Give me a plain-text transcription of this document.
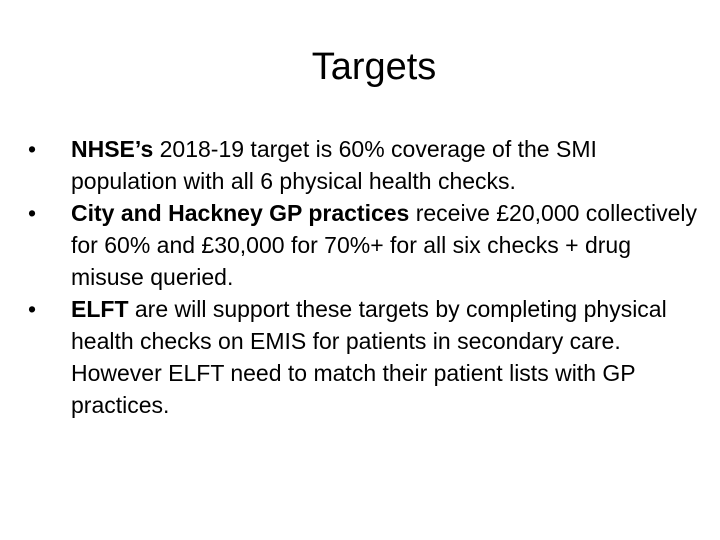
Targets
•	NHSE’s 2018-19 target is 60% coverage of the SMI population with all 6 physical health checks.
•	City and Hackney GP practices receive £20,000 collectively for 60% and £30,000 for 70%+ for all six checks + drug misuse queried.
•	ELFT are will support these targets by completing physical health checks on EMIS for patients in secondary care. However ELFT need to match their patient lists with GP practices.
